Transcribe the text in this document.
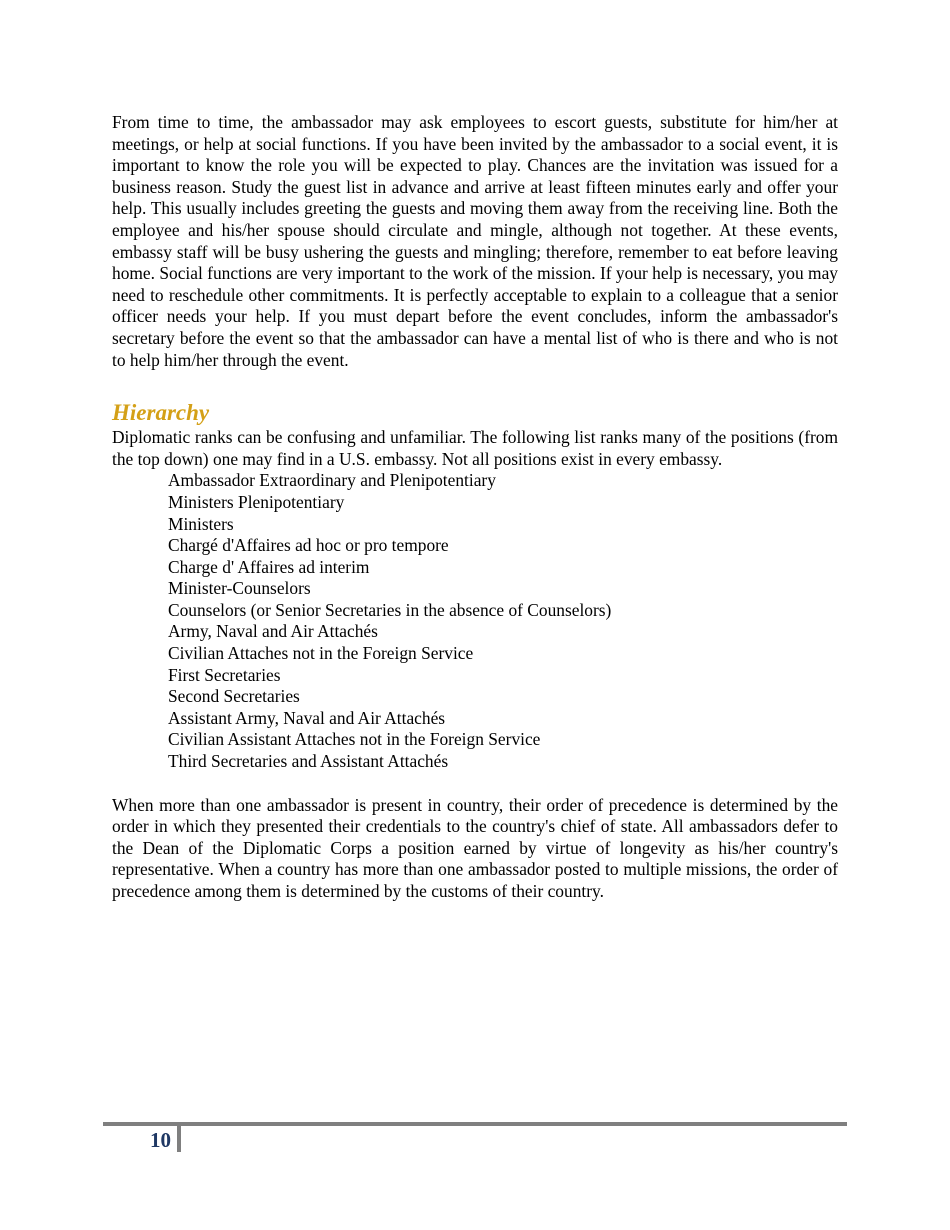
From time to time, the ambassador may ask employees to escort guests, substitute for him/her at meetings, or help at social functions. If you have been invited by the ambassador to a social event, it is important to know the role you will be expected to play. Chances are the invitation was issued for a business reason. Study the guest list in advance and arrive at least fifteen minutes early and offer your help. This usually includes greeting the guests and moving them away from the receiving line. Both the employee and his/her spouse should circulate and mingle, although not together. At these events, embassy staff will be busy ushering the guests and mingling; therefore, remember to eat before leaving home. Social functions are very important to the work of the mission. If your help is necessary, you may need to reschedule other commitments. It is perfectly acceptable to explain to a colleague that a senior officer needs your help. If you must depart before the event concludes, inform the ambassador's secretary before the event so that the ambassador can have a mental list of who is there and who is not to help him/her through the event.

Hierarchy

Diplomatic ranks can be confusing and unfamiliar. The following list ranks many of the positions (from the top down) one may find in a U.S. embassy. Not all positions exist in every embassy.

Ambassador Extraordinary and Plenipotentiary
Ministers Plenipotentiary
Ministers
Chargé d'Affaires ad hoc or pro tempore
Charge d' Affaires ad interim
Minister-Counselors
Counselors (or Senior Secretaries in the absence of Counselors)
Army, Naval and Air Attachés
Civilian Attaches not in the Foreign Service
First Secretaries
Second Secretaries
Assistant Army, Naval and Air Attachés
Civilian Assistant Attaches not in the Foreign Service
Third Secretaries and Assistant Attachés

When more than one ambassador is present in country, their order of precedence is determined by the order in which they presented their credentials to the country's chief of state. All ambassadors defer to the Dean of the Diplomatic Corps a position earned by virtue of longevity as his/her country's representative. When a country has more than one ambassador posted to multiple missions, the order of precedence among them is determined by the customs of their country.

10
